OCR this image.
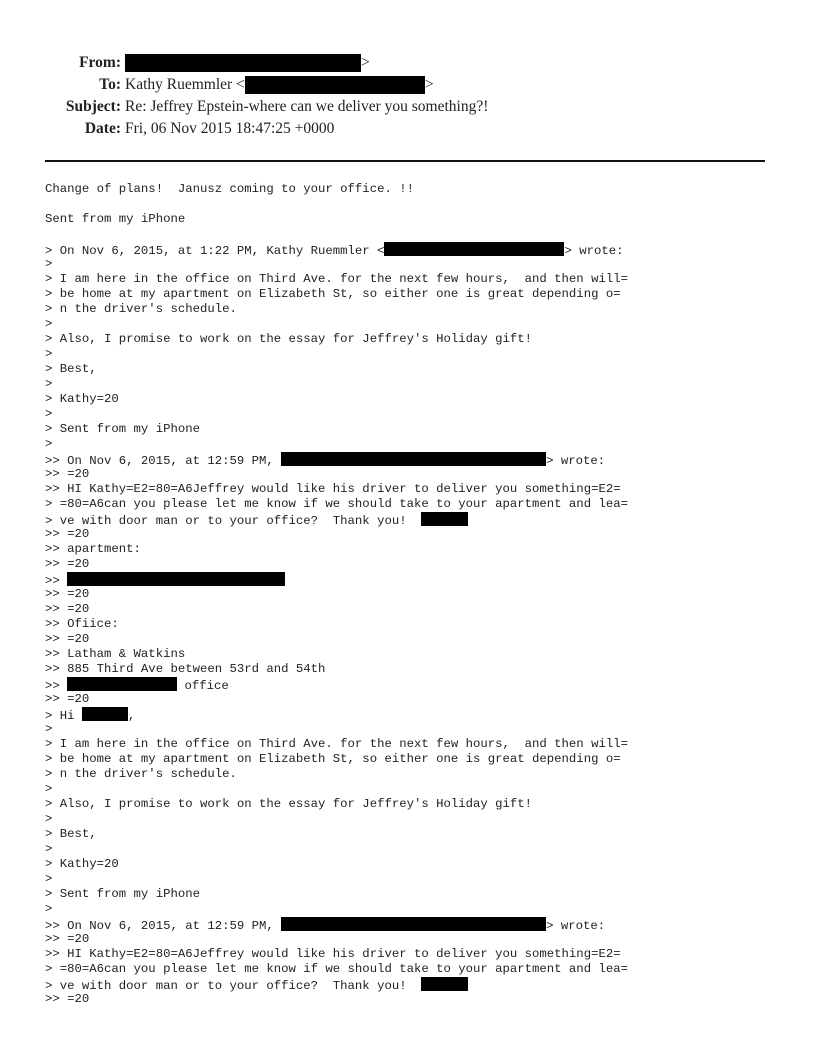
From:	>
To: Kathy Ruemmler <	>
Subject: Re: Jeffrey Epstein-where can we deliver you something?!
Date: Fri, 06 Nov 2015 18:47:25 +0000
Change of plans!  Janusz coming to your office. !!
Sent from my iPhone
> On Nov 6, 2015, at 1:22 PM, Kathy Ruemmler <	> wrote:
>
> I am here in the office on Third Ave. for the next few hours,  and then will=
> be home at my apartment on Elizabeth St, so either one is great depending o=
> n the driver's schedule.
>
> Also, I promise to work on the essay for Jeffrey's Holiday gift!
>
> Best,
>
> Kathy=20
>
> Sent from my iPhone
>
>> On Nov 6, 2015, at 12:59 PM,	> wrote:
>> =20
>> HI Kathy=E2=80=A6Jeffrey would like his driver to deliver you something=E2=
> =80=A6can you please let me know if we should take to your apartment and lea=
> ve with door man or to your office?  Thank you!
>> =20
>> apartment:
>> =20
>>
>> =20
>> =20
>> Ofiice:
>> =20
>> Latham & Watkins
>> 885 Third Ave between 53rd and 54th
>>	office
>> =20
> Hi	,
>
> I am here in the office on Third Ave. for the next few hours,  and then will=
> be home at my apartment on Elizabeth St, so either one is great depending o=
> n the driver's schedule.
>
> Also, I promise to work on the essay for Jeffrey's Holiday gift!
>
> Best,
>
> Kathy=20
>
> Sent from my iPhone
>
>> On Nov 6, 2015, at 12:59 PM,	> wrote:
>> =20
>> HI Kathy=E2=80=A6Jeffrey would like his driver to deliver you something=E2=
> =80=A6can you please let me know if we should take to your apartment and lea=
> ve with door man or to your office?  Thank you!
>> =20
